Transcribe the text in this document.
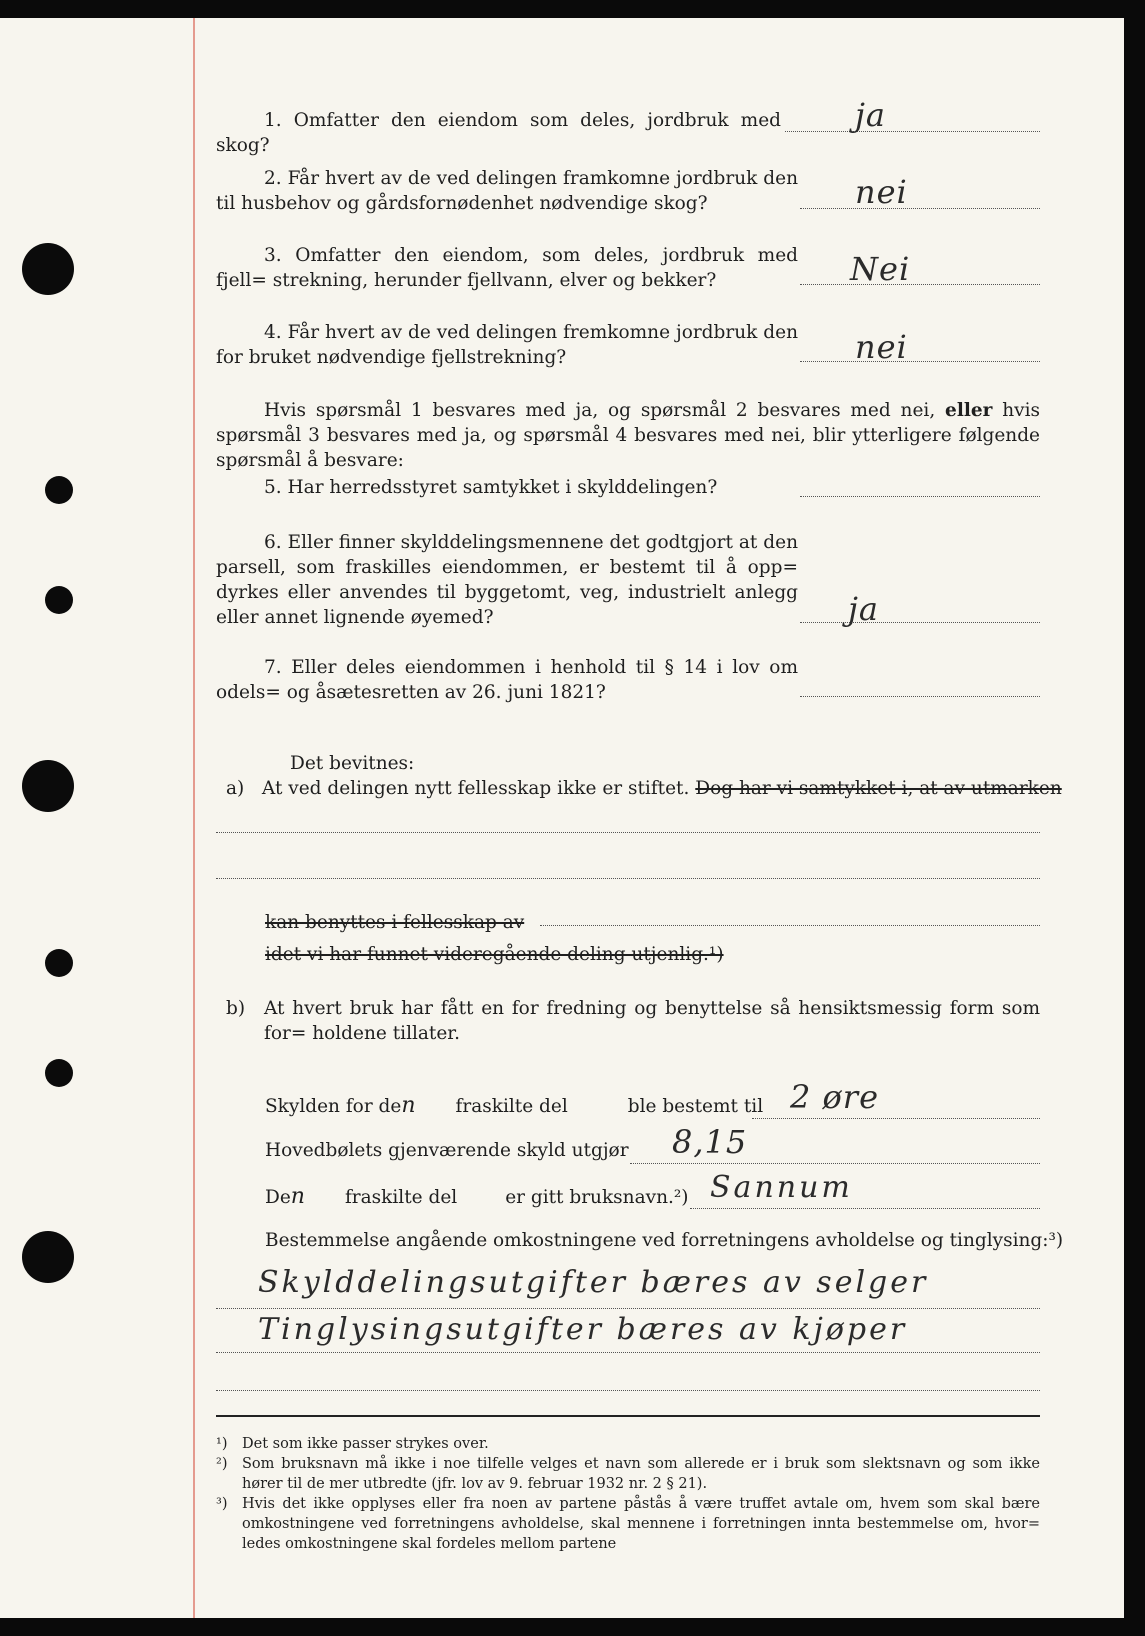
1. Omfatter den eiendom som deles, jordbruk med skog?
ja
2. Får hvert av de ved delingen framkomne jordbruk den til husbehov og gårdsfornødenhet nødvendige skog?	nei
3. Omfatter den eiendom, som deles, jordbruk med fjell= strekning, herunder fjellvann, elver og bekker?	Nei
4. Får hvert av de ved delingen fremkomne jordbruk den for bruket nødvendige fjellstrekning?	nei
Hvis spørsmål 1 besvares med ja, og spørsmål 2 besvares med nei, eller hvis spørsmål 3 besvares med ja, og spørsmål 4 besvares med nei, blir ytterligere følgende spørsmål å besvare:
5. Har herredsstyret samtykket i skylddelingen?
6. Eller finner skylddelingsmennene det godtgjort at den parsell, som fraskilles eiendommen, er bestemt til å opp= dyrkes eller anvendes til byggetomt, veg, industrielt anlegg eller annet lignende øyemed?	ja
7. Eller deles eiendommen i henhold til § 14 i lov om odels= og åsætesretten av 26. juni 1821?
Det bevitnes:
a) At ved delingen nytt fellesskap ikke er stiftet. Dog har vi samtykket i, at av utmarken
kan benyttes i fellesskap av
idet vi har funnet videregående deling utjenlig.¹)
b)	At hvert bruk har fått en for fredning og benyttelse så hensiktsmessig form som for= holdene tillater.
Skylden for den fraskilte del	ble bestemt til 2 øre
Hovedbølets gjenværende skyld utgjør 8,15
Den fraskilte del	er gitt bruksnavn.²) Sannum
Bestemmelse angående omkostningene ved forretningens avholdelse og tinglysing:³)
Skylddelingsutgifter bæres av selger
Tinglysingsutgifter bæres av kjøper
¹)	Det som ikke passer strykes over.
²)	Som bruksnavn må ikke i noe tilfelle velges et navn som allerede er i bruk som slektsnavn og som ikke hører til de mer utbredte (jfr. lov av 9. februar 1932 nr. 2 § 21).
³)	Hvis det ikke opplyses eller fra noen av partene påstås å være truffet avtale om, hvem som skal bære omkostningene ved forretningens avholdelse, skal mennene i forretningen innta bestemmelse om, hvor= ledes omkostningene skal fordeles mellom partene
